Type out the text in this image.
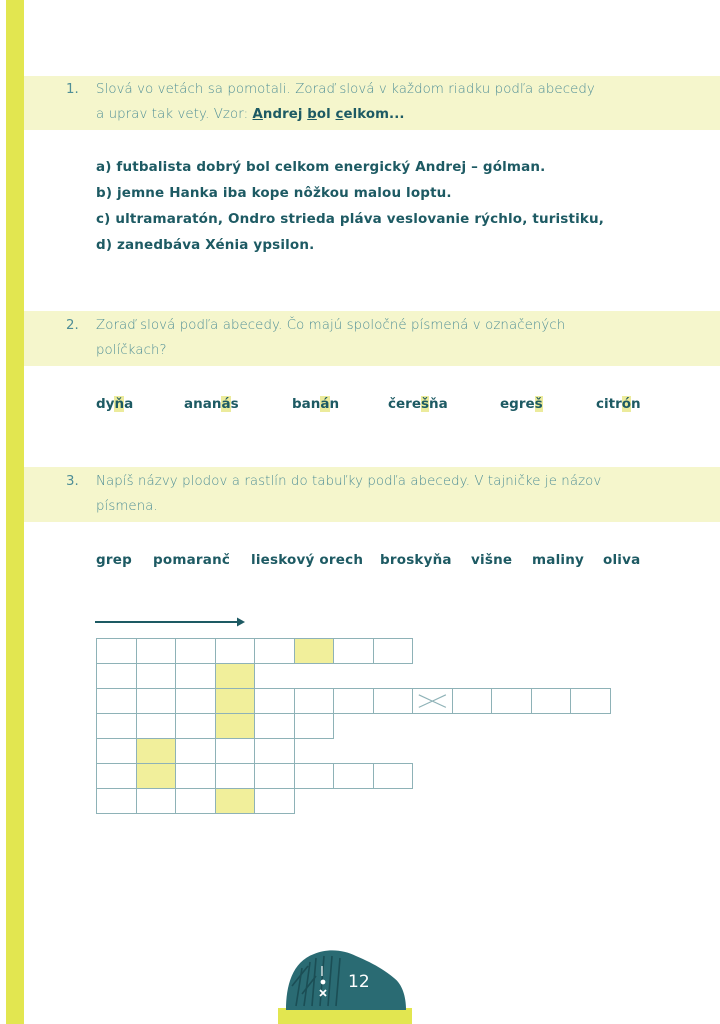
1. Slová vo vetách sa pomotali. Zoraď slová v každom riadku podľa abecedy
a uprav tak vety. Vzor: Andrej bol celkom...
a) futbalista dobrý bol celkom energický Andrej – gólman.
b) jemne Hanka iba kope nôžkou malou loptu.
c) ultramaratón, Ondro strieda pláva veslovanie rýchlo, turistiku,
d) zanedbáva Xénia ypsilon.
2. Zoraď slová podľa abecedy. Čo majú spoločné písmená v označených
políčkach?
dyňa	ananás	banán	čerešňa	egreš	citrón
3. Napíš názvy plodov a rastlín do tabuľky podľa abecedy. V tajničke je názov
písmena.
grep pomaranč lieskový orech broskyňa višne maliny oliva
12
